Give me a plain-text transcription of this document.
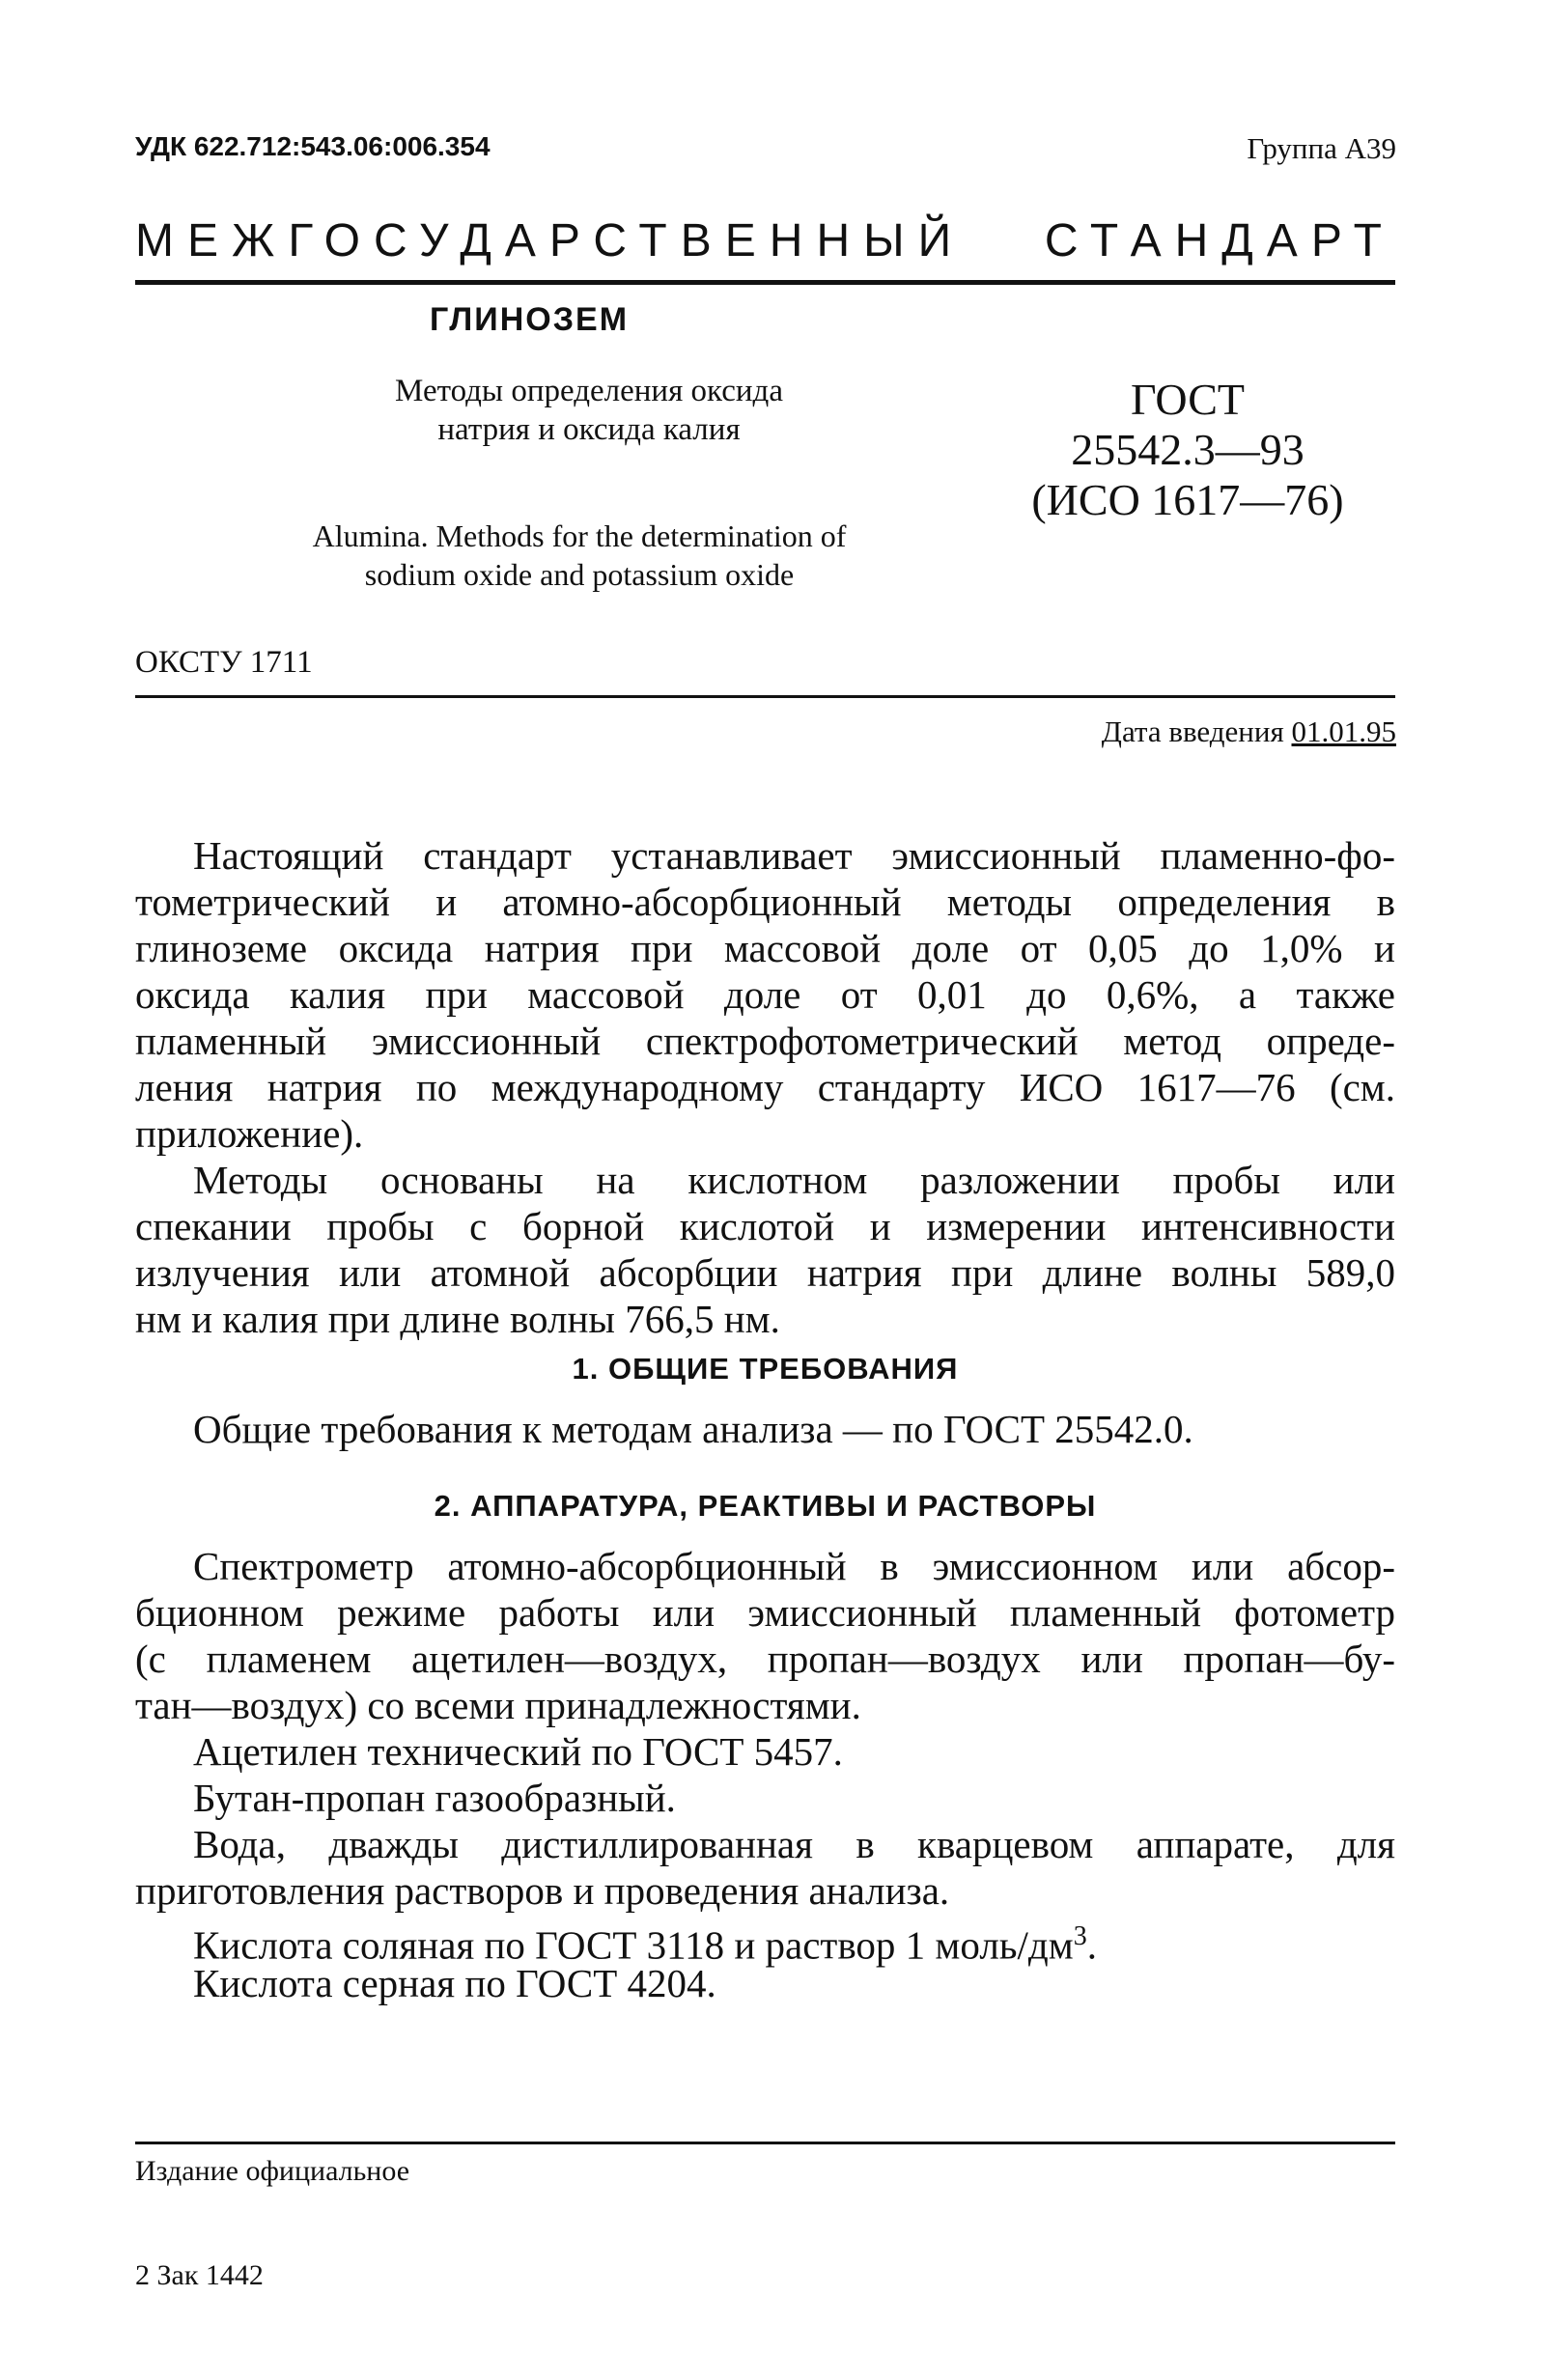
УДК 622.712:543.06:006.354	Группа А39
МЕЖГОСУДАРСТВЕННЫЙ СТАНДАРТ
ГЛИНОЗЕМ
Методы определения оксида
натрия и оксида калия
Alumina. Methods for the determination of
sodium oxide and potassium oxide
ГОСТ
25542.3—93
(ИСО 1617—76)
ОКСТУ 1711
Дата введения 01.01.95
Настоящий стандарт устанавливает эмиссионный пламенно-фо-
тометрический и атомно-абсорбционный методы определения в
глиноземе оксида натрия при массовой доле от 0,05 до 1,0% и
оксида калия при массовой доле от 0,01 до 0,6%, а также
пламенный эмиссионный спектрофотометрический метод опреде-
ления натрия по международному стандарту ИСО 1617—76 (см.
приложение).
Методы основаны на кислотном разложении пробы или
спекании пробы с борной кислотой и измерении интенсивности
излучения или атомной абсорбции натрия при длине волны 589,0
нм и калия при длине волны 766,5 нм.
1. ОБЩИЕ ТРЕБОВАНИЯ
Общие требования к методам анализа — по ГОСТ 25542.0.
2. АППАРАТУРА, РЕАКТИВЫ И РАСТВОРЫ
Спектрометр атомно-абсорбционный в эмиссионном или абсор-
бционном режиме работы или эмиссионный пламенный фотометр
(с пламенем ацетилен—воздух, пропан—воздух или пропан—бу-
тан—воздух) со всеми принадлежностями.
Ацетилен технический по ГОСТ 5457.
Бутан-пропан газообразный.
Вода, дважды дистиллированная в кварцевом аппарате, для
приготовления растворов и проведения анализа.
Кислота соляная по ГОСТ 3118 и раствор 1 моль/$дм^3$.
Кислота серная по ГОСТ 4204.
Издание официальное
2 Зак 1442
